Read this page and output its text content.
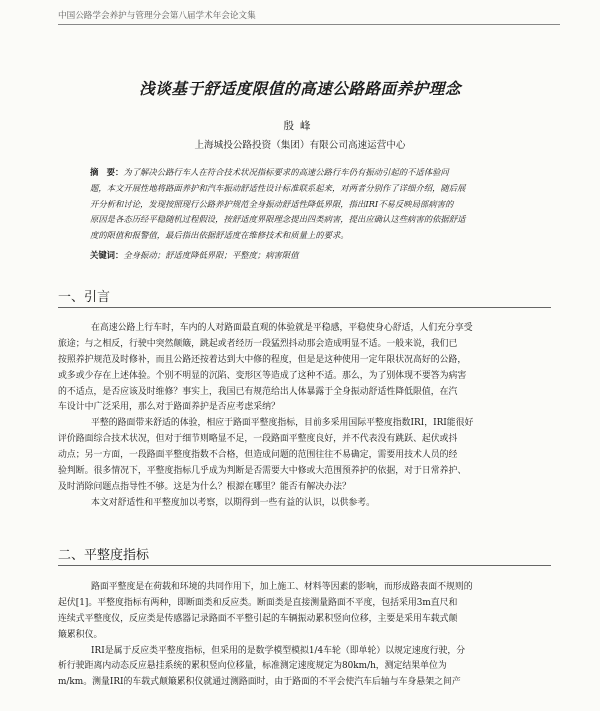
中国公路学会养护与管理分会第八届学术年会论文集
浅谈基于舒适度限值的高速公路路面养护理念
殷峰
上海城投公路投资（集团）有限公司高速运营中心
摘　要：为了解决公路行车人在符合技术状况指标要求的高速公路行车仍有振动引起的不适体验问
题，本文开展性地将路面养护和汽车振动舒适性设计标准联系起来，对两者分别作了详细介绍，随后展
开分析和讨论，发现按照现行公路养护规范全身振动舒适性降低界限，指出IRI不易反映局部病害的
原因是各态历经平稳随机过程假设，按舒适度界限理念提出四类病害，提出应确认这些病害的依据舒适
度的限值和报警值，最后指出依据舒适度在维修技术和质量上的要求。
关键词：全身振动；舒适度降低界限；平整度；病害限值
一、引言
在高速公路上行车时，车内的人对路面最直观的体验就是平稳感，平稳使身心舒适，人们充分享受
旅途；与之相反，行驶中突然颠簸，跳起或者经历一段猛烈抖动那会造成明显不适。一般来说，我们已
按照养护规范及时修补，而且公路还按着达到大中修的程度，但是是这种使用一定年限状况高好的公路，
或多或少存在上述体验。个别不明显的沉陷、变形区等造成了这种不适。那么，为了别体现不要答为病害
的不适点，是否应该及时维修？事实上，我国已有规范给出人体暴露于全身振动舒适性降低限值，在汽
车设计中广泛采用，那么对于路面养护是否应考虑采纳？
平整的路面带来舒适的体验，相应于路面平整度指标，目前多采用国际平整度指数IRI，IRI能很好
评价路面综合技术状况，但对于细节则略显不足，一段路面平整度良好，并不代表没有跳跃、起伏或抖
动点；另一方面，一段路面平整度指数不合格，但造成问题的范围往往不易确定，需要用技术人员的经
验判断。很多情况下，平整度指标几乎成为判断是否需要大中修或大范围预养护的依据，对于日常养护、
及时消除问题点指导性不够。这是为什么？根源在哪里？能否有解决办法？
本文对舒适性和平整度加以考察，以期得到一些有益的认识，以供参考。
二、平整度指标
路面平整度是在荷载和环境的共同作用下，加上施工、材料等因素的影响，而形成路表面不规则的
起伏[1]。平整度指标有两种，即断面类和反应类。断面类是直接测量路面不平度，包括采用3m直尺和
连续式平整度仪，反应类是传感器记录路面不平整引起的车辆振动累积竖向位移，主要是采用车载式颠
簸累积仪。
IRI是属于反应类平整度指标，但采用的是数学模型模拟1/4车轮（即单轮）以规定速度行驶，分
析行驶距离内动态反应悬挂系统的累积竖向位移量，标准测定速度规定为80km/h，测定结果单位为
m/km。测量IRI的车载式颠簸累积仪就通过测路面时，由于路面的不平会使汽车后轴与车身悬架之间产
